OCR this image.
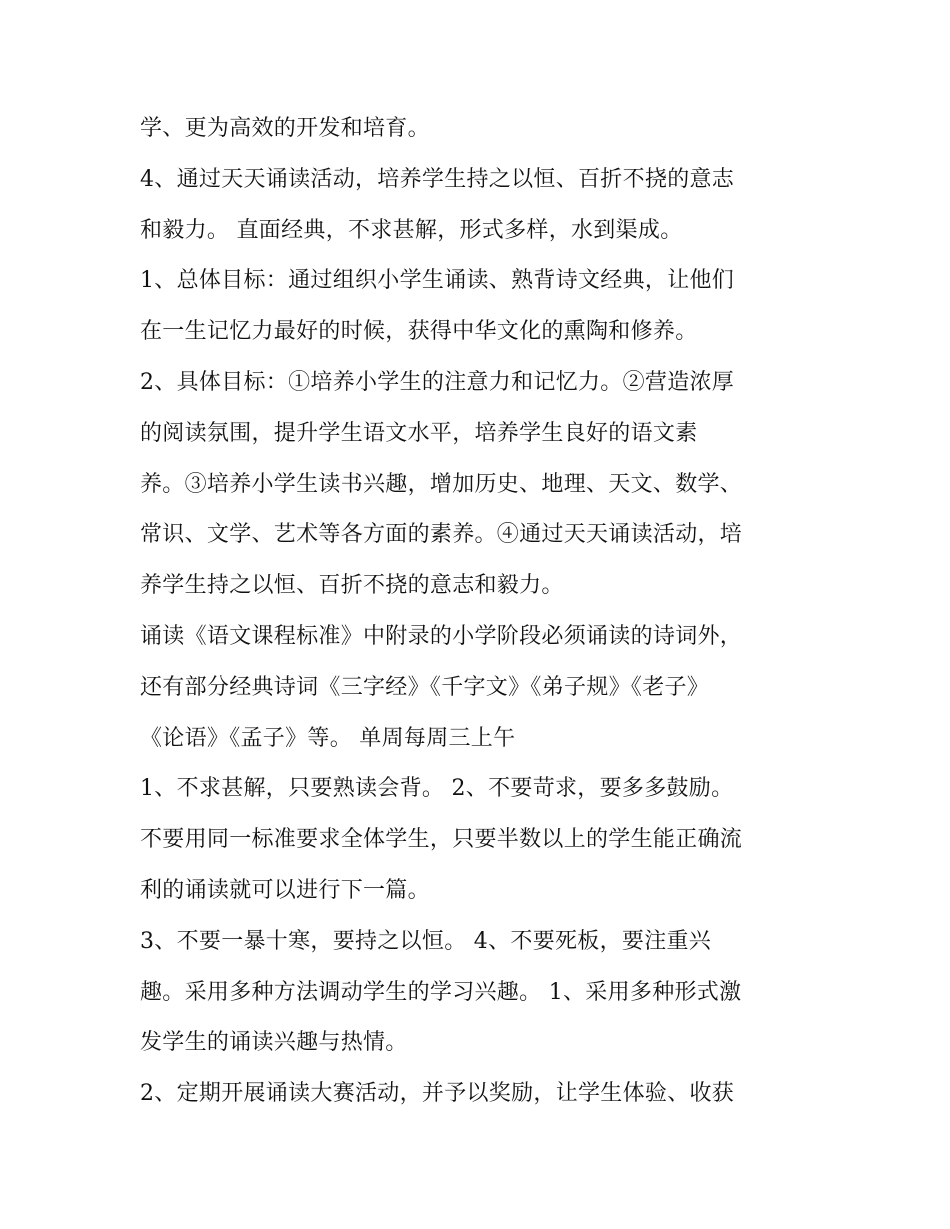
学、更为高效的开发和培育。
4、通过天天诵读活动，培养学生持之以恒、百折不挠的意志
和毅力。 直面经典，不求甚解，形式多样，水到渠成。
1、总体目标：通过组织小学生诵读、熟背诗文经典，让他们
在一生记忆力最好的时候，获得中华文化的熏陶和修养。
2、具体目标：①培养小学生的注意力和记忆力。②营造浓厚
的阅读氛围，提升学生语文水平，培养学生良好的语文素
养。③培养小学生读书兴趣，增加历史、地理、天文、数学、
常识、文学、艺术等各方面的素养。④通过天天诵读活动，培
养学生持之以恒、百折不挠的意志和毅力。
诵读《语文课程标准》中附录的小学阶段必须诵读的诗词外，
还有部分经典诗词《三字经》《千字文》《弟子规》《老子》
《论语》《孟子》等。 单周每周三上午
1、不求甚解，只要熟读会背。 2、不要苛求，要多多鼓励。
不要用同一标准要求全体学生，只要半数以上的学生能正确流
利的诵读就可以进行下一篇。
3、不要一暴十寒，要持之以恒。 4、不要死板，要注重兴
趣。采用多种方法调动学生的学习兴趣。 1、采用多种形式激
发学生的诵读兴趣与热情。
2、定期开展诵读大赛活动，并予以奖励，让学生体验、收获
